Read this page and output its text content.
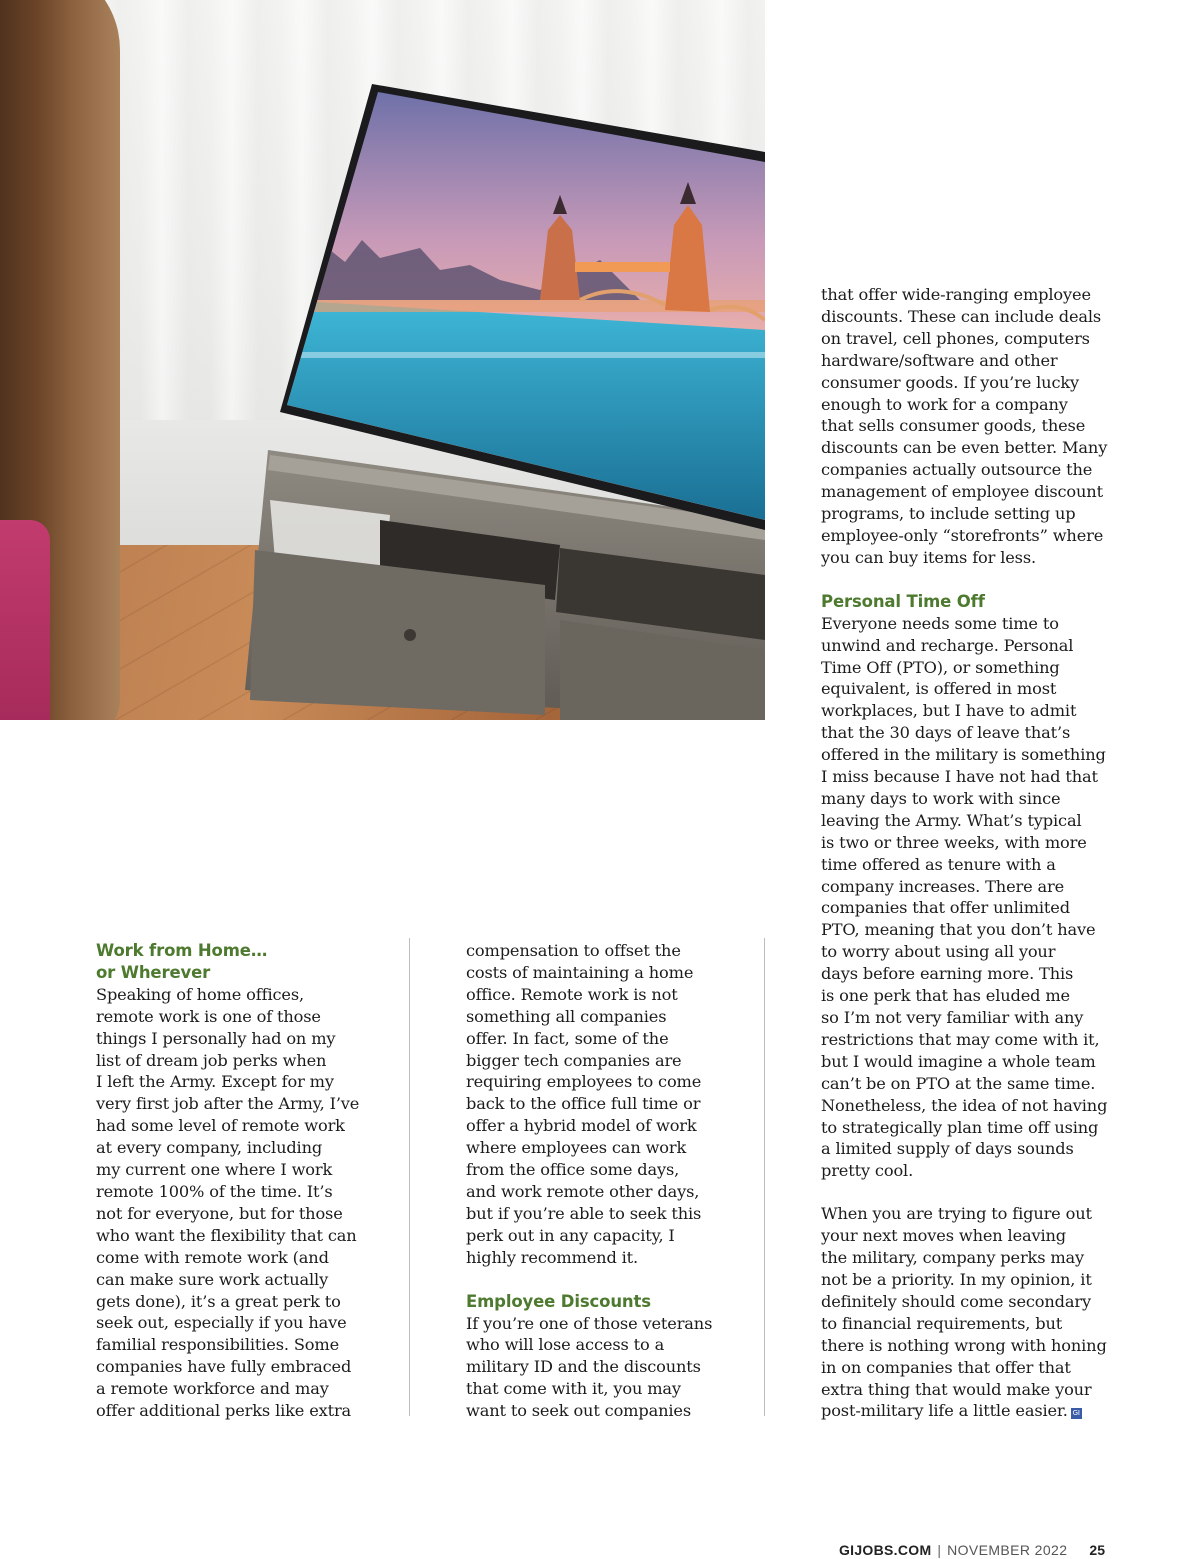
Work from Home…
or Wherever

Speaking of home offices,
remote work is one of those
things I personally had on my
list of dream job perks when
I left the Army. Except for my
very first job after the Army, I’ve
had some level of remote work
at every company, including
my current one where I work
remote 100% of the time. It’s
not for everyone, but for those
who want the flexibility that can
come with remote work (and
can make sure work actually
gets done), it’s a great perk to
seek out, especially if you have
familial responsibilities. Some
companies have fully embraced
a remote workforce and may
offer additional perks like extra

compensation to offset the
costs of maintaining a home
office. Remote work is not
something all companies
offer. In fact, some of the
bigger tech companies are
requiring employees to come
back to the office full time or
offer a hybrid model of work
where employees can work
from the office some days,
and work remote other days,
but if you’re able to seek this
perk out in any capacity, I
highly recommend it.

Employee Discounts

If you’re one of those veterans
who will lose access to a
military ID and the discounts
that come with it, you may
want to seek out companies

that offer wide-ranging employee
discounts. These can include deals
on travel, cell phones, computers
hardware/software and other
consumer goods. If you’re lucky
enough to work for a company
that sells consumer goods, these
discounts can be even better. Many
companies actually outsource the
management of employee discount
programs, to include setting up
employee-only “storefronts” where
you can buy items for less.

Personal Time Off

Everyone needs some time to
unwind and recharge. Personal
Time Off (PTO), or something
equivalent, is offered in most
workplaces, but I have to admit
that the 30 days of leave that’s
offered in the military is something
I miss because I have not had that
many days to work with since
leaving the Army. What’s typical
is two or three weeks, with more
time offered as tenure with a
company increases. There are
companies that offer unlimited
PTO, meaning that you don’t have
to worry about using all your
days before earning more. This
is one perk that has eluded me
so I’m not very familiar with any
restrictions that may come with it,
but I would imagine a whole team
can’t be on PTO at the same time.
Nonetheless, the idea of not having
to strategically plan time off using
a limited supply of days sounds
pretty cool.

When you are trying to figure out
your next moves when leaving
the military, company perks may
not be a priority. In my opinion, it
definitely should come secondary
to financial requirements, but
there is nothing wrong with honing
in on companies that offer that
extra thing that would make your
post-military life a little easier. GI

GIJOBS.COM | NOVEMBER 2022 25
